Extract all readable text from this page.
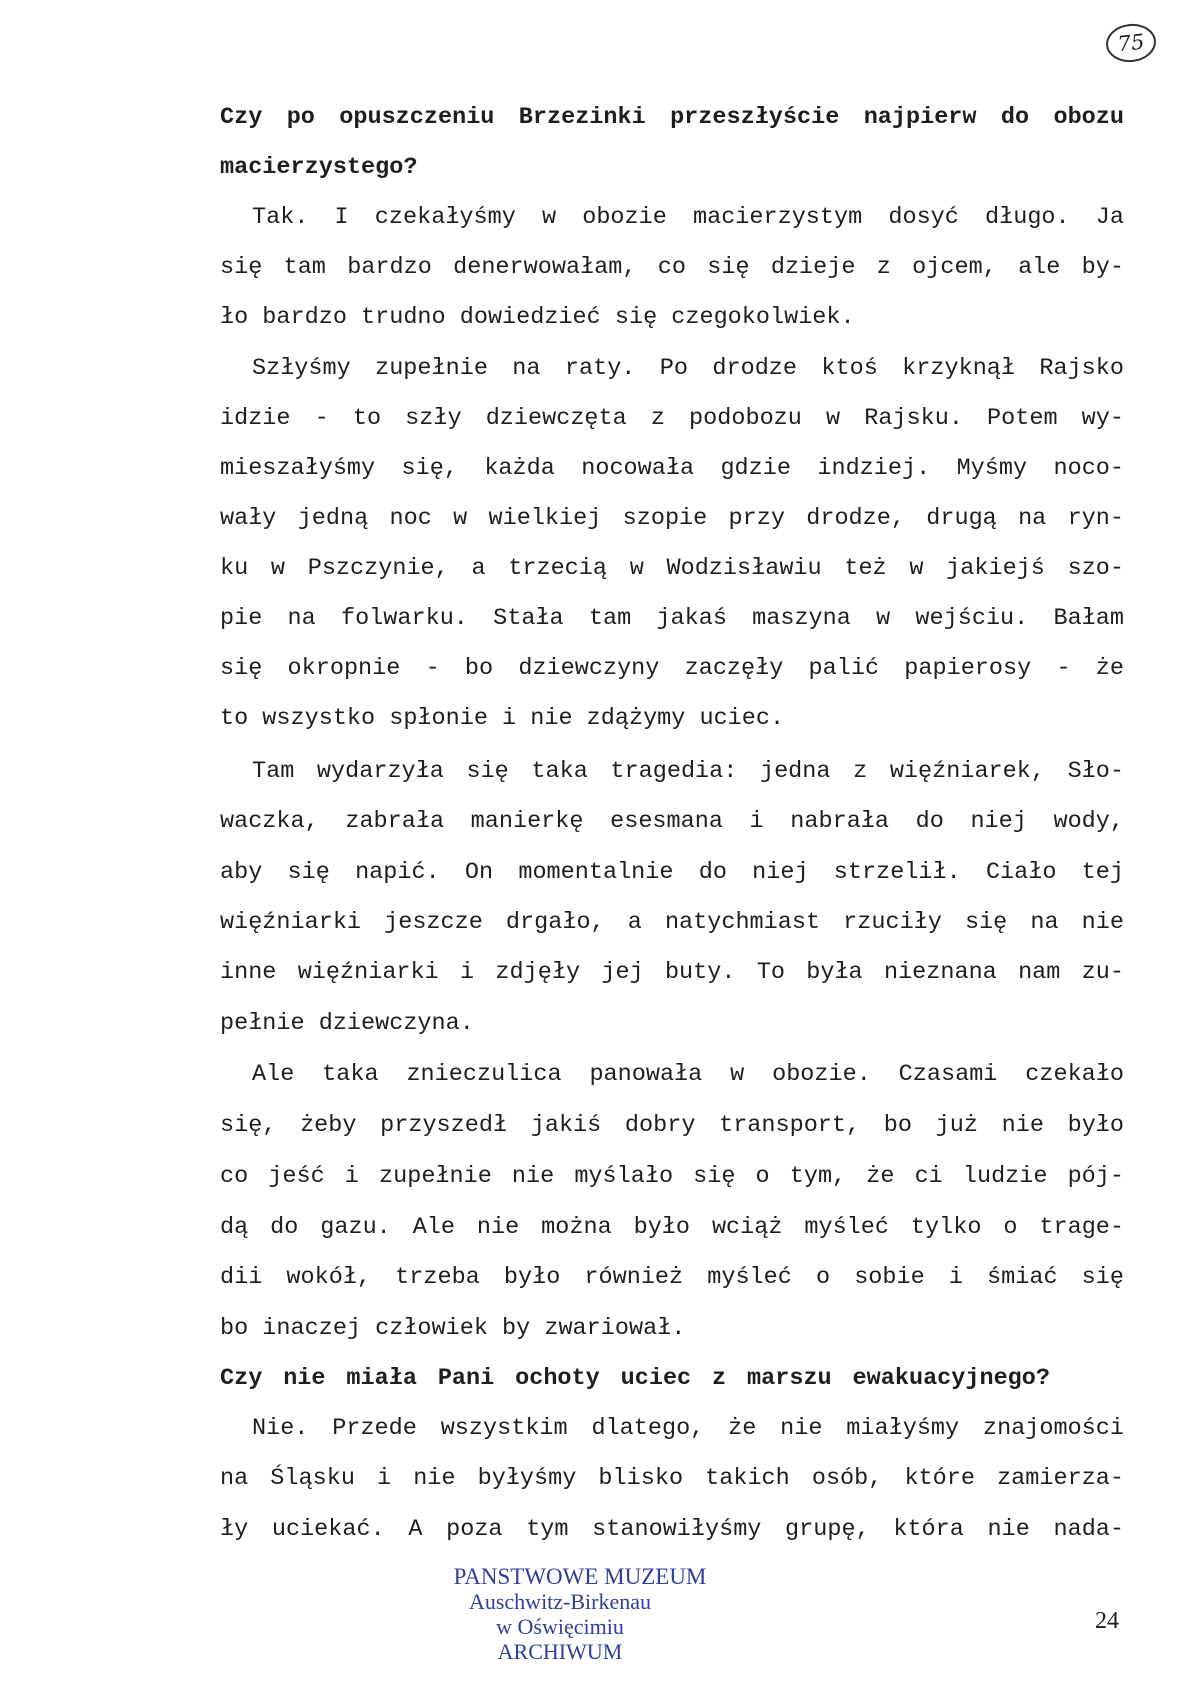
75
Czy po opuszczeniu Brzezinki przeszłyście najpierw do obozu
macierzystego?
Tak. I czekałyśmy w obozie macierzystym dosyć długo. Ja
się tam bardzo denerwowałam, co się dzieje z ojcem, ale by-
ło bardzo trudno dowiedzieć się czegokolwiek.
Szłyśmy zupełnie na raty. Po drodze ktoś krzyknął Rajsko
idzie - to szły dziewczęta z podobozu w Rajsku. Potem wy-
mieszałyśmy się, każda nocowała gdzie indziej. Myśmy noco-
wały jedną noc w wielkiej szopie przy drodze, drugą na ryn-
ku w Pszczynie, a trzecią w Wodzisławiu też w jakiejś szo-
pie na folwarku. Stała tam jakaś maszyna w wejściu. Bałam
się okropnie - bo dziewczyny zaczęły palić papierosy - że
to wszystko spłonie i nie zdążymy uciec.
Tam wydarzyła się taka tragedia: jedna z więźniarek, Sło-
waczka, zabrała manierkę esesmana i nabrała do niej wody,
aby się napić. On momentalnie do niej strzelił. Ciało tej
więźniarki jeszcze drgało, a natychmiast rzuciły się na nie
inne więźniarki i zdjęły jej buty. To była nieznana nam zu-
pełnie dziewczyna.
Ale taka znieczulica panowała w obozie. Czasami czekało
się, żeby przyszedł jakiś dobry transport, bo już nie było
co jeść i zupełnie nie myślało się o tym, że ci ludzie pój-
dą do gazu. Ale nie można było wciąż myśleć tylko o trage-
dii wokół, trzeba było również myśleć o sobie i śmiać się
bo inaczej człowiek by zwariował.
Czy nie miała Pani ochoty uciec z marszu ewakuacyjnego?
Nie. Przede wszystkim dlatego, że nie miałyśmy znajomości
na Śląsku i nie byłyśmy blisko takich osób, które zamierza-
ły uciekać. A poza tym stanowiłyśmy grupę, która nie nada-
PANSTWOWE MUZEUM
Auschwitz-Birkenau
w Oświęcimiu
ARCHIWUM
24
